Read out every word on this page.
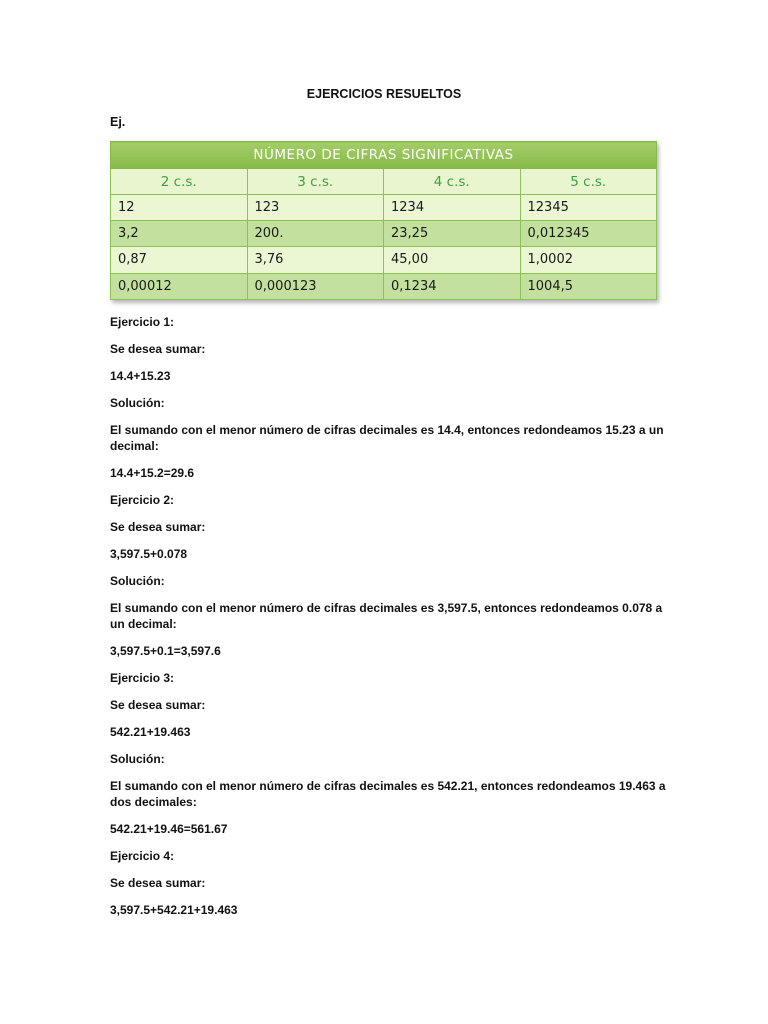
EJERCICIOS RESUELTOS
Ej.
NÚMERO DE CIFRAS SIGNIFICATIVAS			
2 c.s.	3 c.s.	4 c.s.	5 c.s.
12	123	1234	12345
3,2	200.	23,25	0,012345
0,87	3,76	45,00	1,0002
0,00012	0,000123	0,1234	1004,5

Ejercicio 1:

Se desea sumar:

14.4+15.23

Solución:

El sumando con el menor número de cifras decimales es 14.4, entonces redondeamos 15.23 a un decimal:

14.4+15.2=29.6

Ejercicio 2:

Se desea sumar:

3,597.5+0.078

Solución:

El sumando con el menor número de cifras decimales es 3,597.5, entonces redondeamos 0.078 a un decimal:

3,597.5+0.1=3,597.6

Ejercicio 3:

Se desea sumar:

542.21+19.463

Solución:

El sumando con el menor número de cifras decimales es 542.21, entonces redondeamos 19.463 a dos decimales:

542.21+19.46=561.67

Ejercicio 4:

Se desea sumar:

3,597.5+542.21+19.463
